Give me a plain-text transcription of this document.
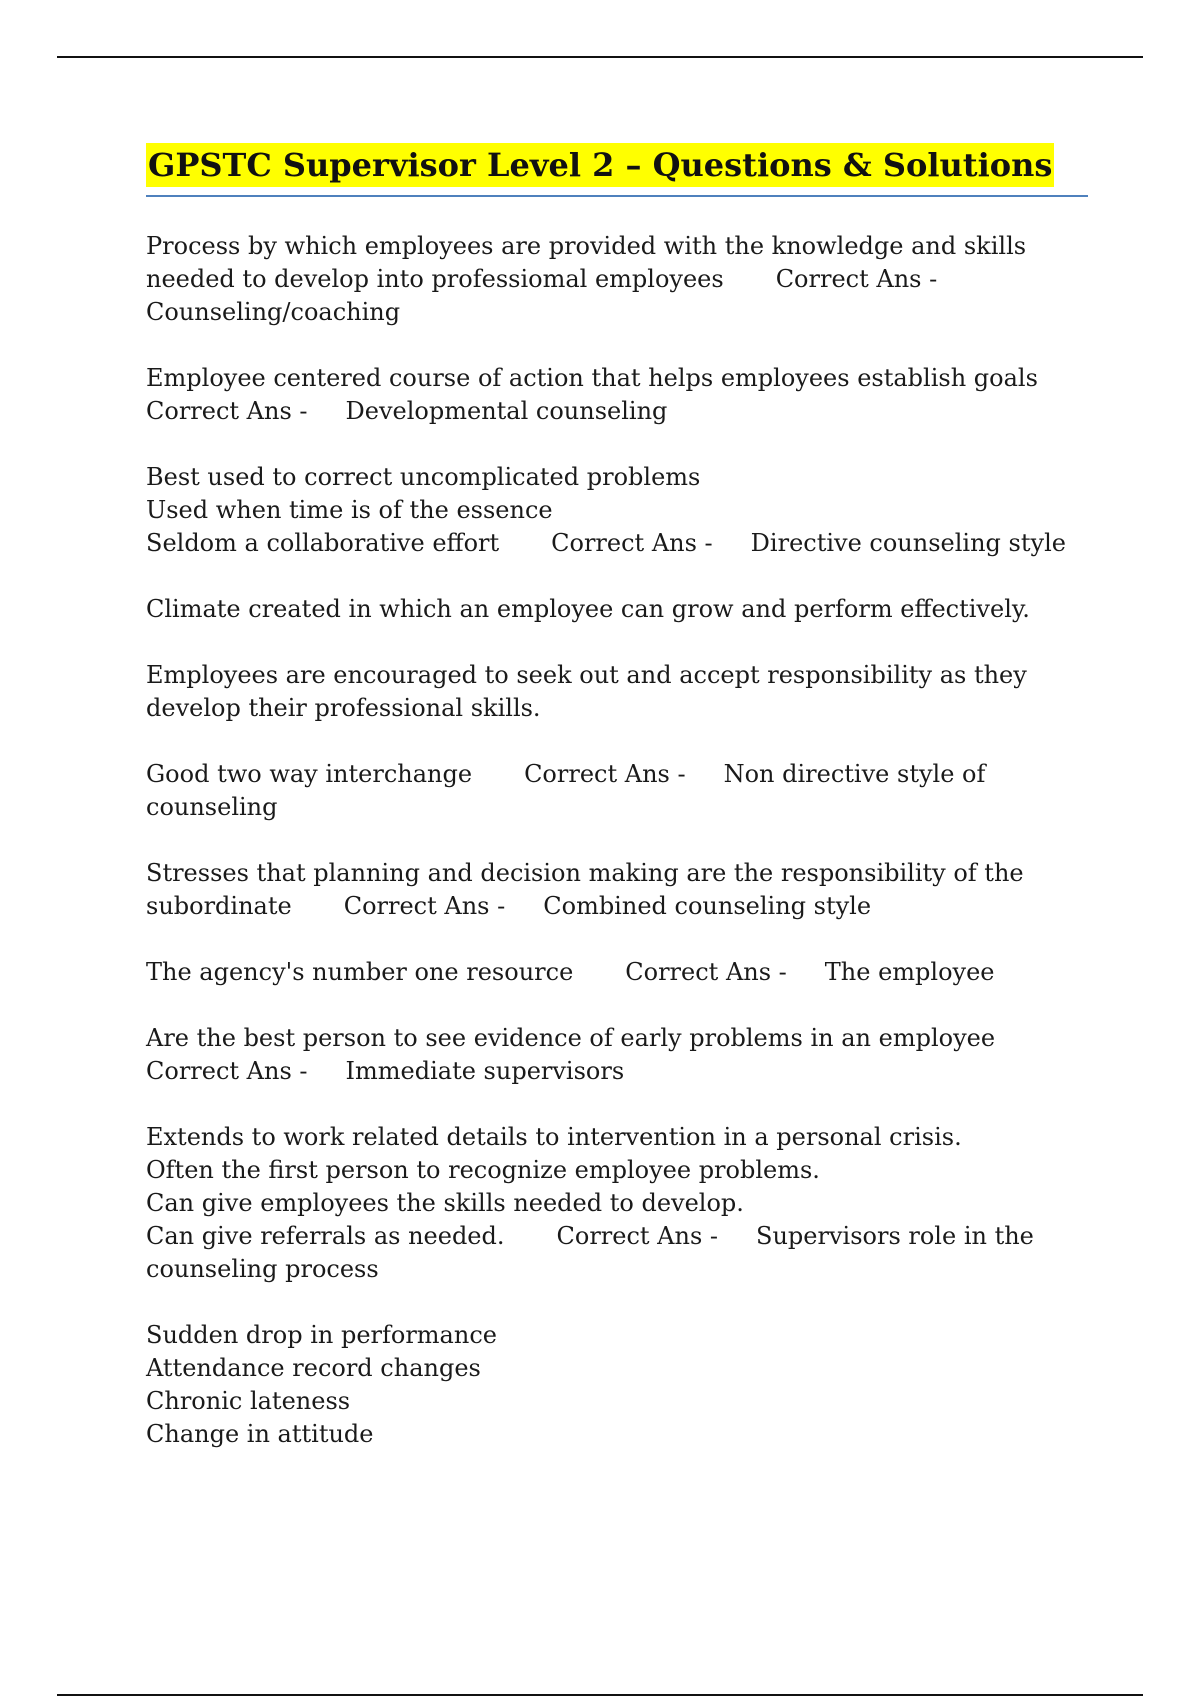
GPSTC Supervisor Level 2 – Questions & Solutions
Process by which employees are provided with the knowledge and skills
needed to develop into professiomal employees Correct Ans -
Counseling/coaching
Employee centered course of action that helps employees establish goals
Correct Ans - Developmental counseling
Best used to correct uncomplicated problems
Used when time is of the essence
Seldom a collaborative effort Correct Ans - Directive counseling style
Climate created in which an employee can grow and perform effectively.
Employees are encouraged to seek out and accept responsibility as they
develop their professional skills.
Good two way interchange Correct Ans - Non directive style of
counseling
Stresses that planning and decision making are the responsibility of the
subordinate Correct Ans - Combined counseling style
The agency's number one resource Correct Ans - The employee
Are the best person to see evidence of early problems in an employee
Correct Ans - Immediate supervisors
Extends to work related details to intervention in a personal crisis.
Often the first person to recognize employee problems.
Can give employees the skills needed to develop.
Can give referrals as needed. Correct Ans - Supervisors role in the
counseling process
Sudden drop in performance
Attendance record changes
Chronic lateness
Change in attitude
